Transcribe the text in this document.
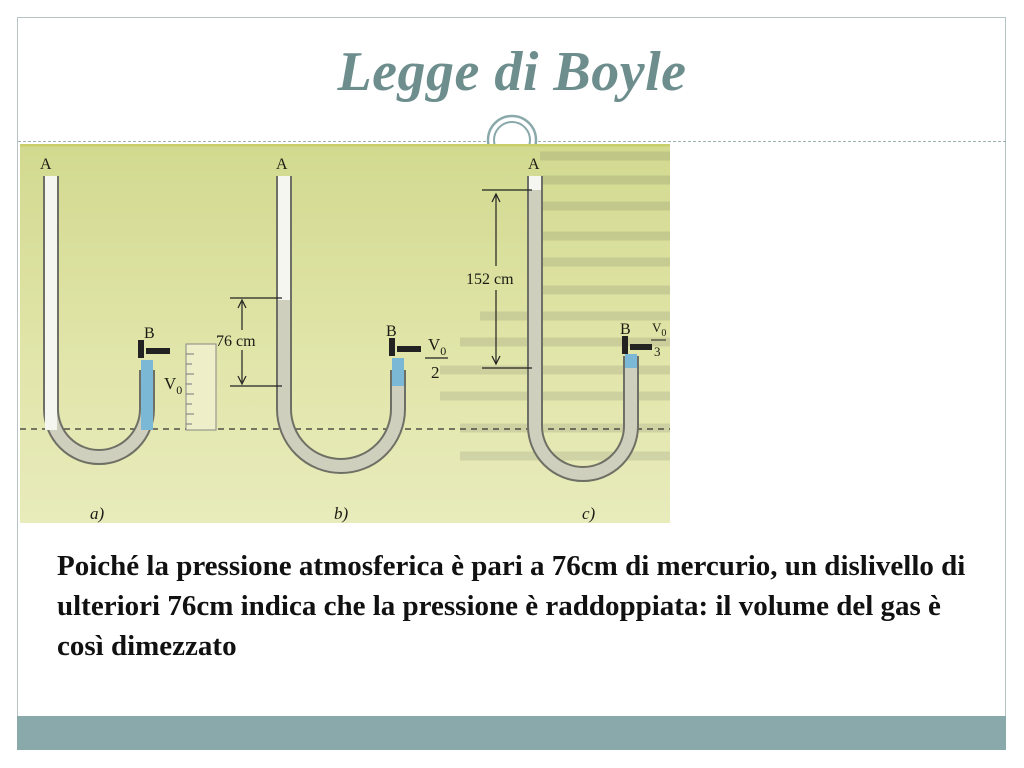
Legge di Boyle
A
B
$V_0$
a)
A
B
76 cm	$V_0$
2
b)
A
B
152 cm
$V_0$
3
c)
Poiché la pressione atmosferica è pari a 76cm di mercurio, un dislivello di ulteriori 76cm indica che la pressione è raddoppiata: il volume del gas è così dimezzato
